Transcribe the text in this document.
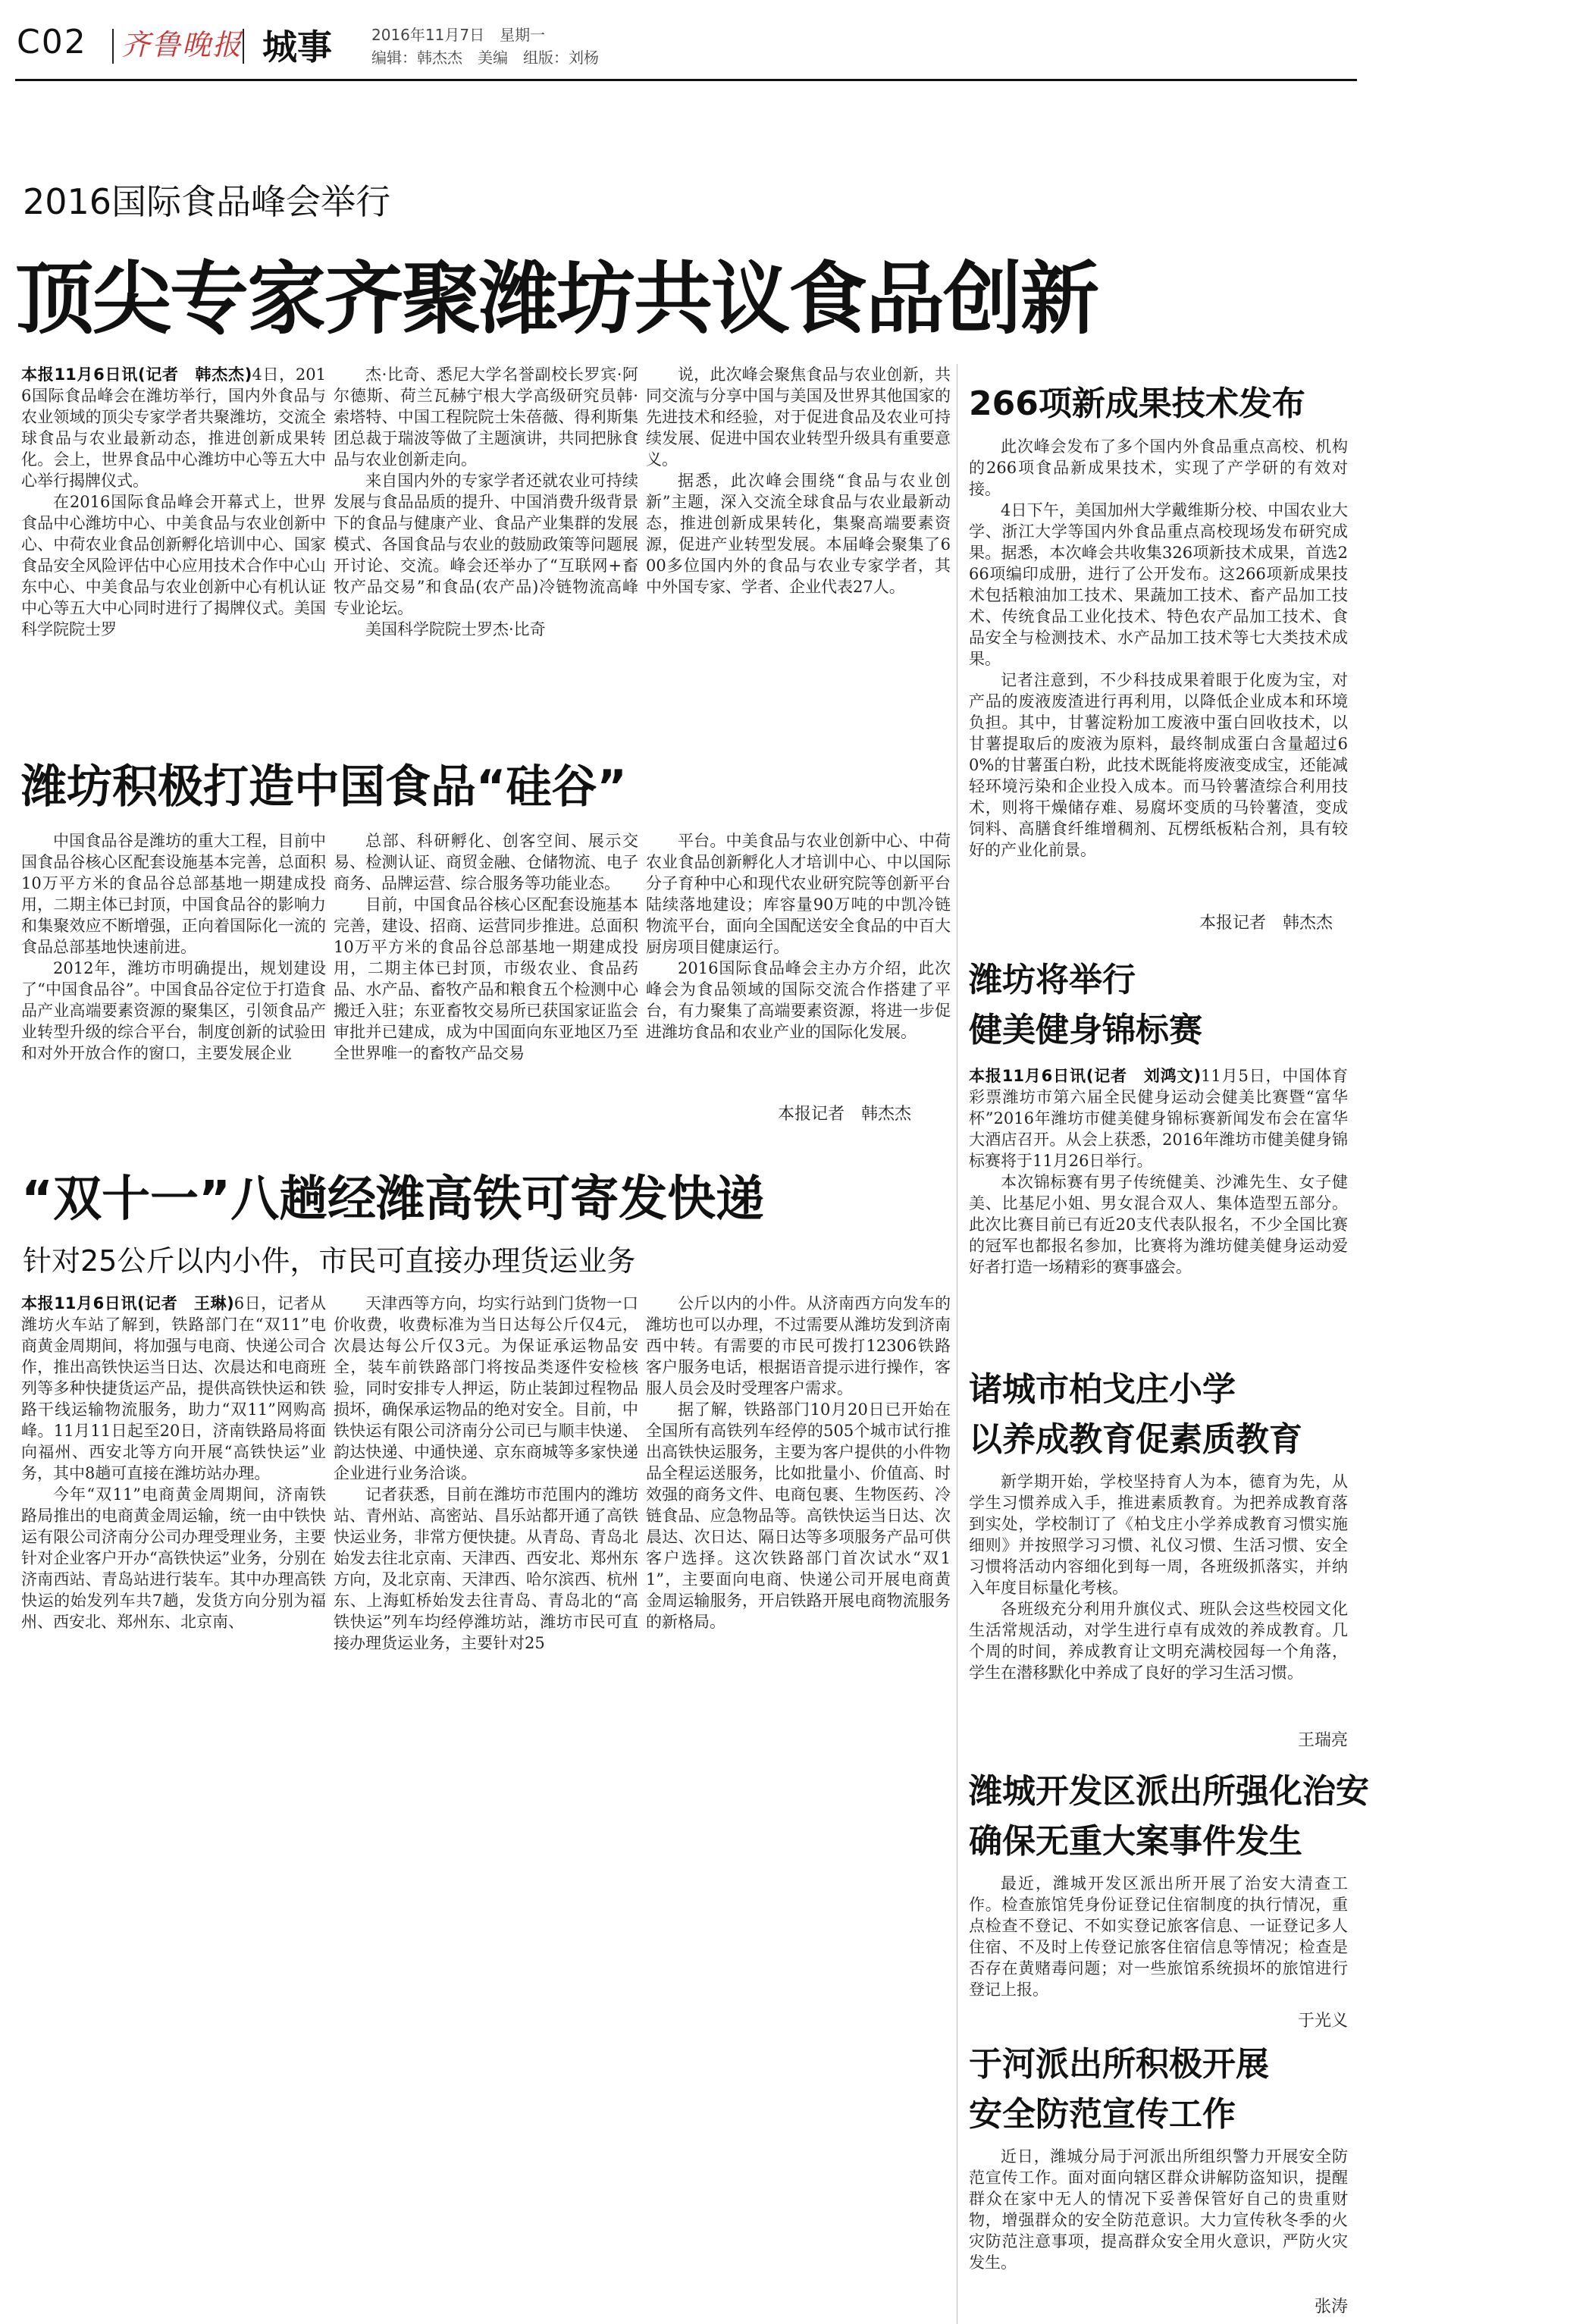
C02 齐鲁晚报 城事	2016年11月7日　星期一
编辑：韩杰杰　美编　组版：刘杨
2016国际食品峰会举行
顶尖专家齐聚潍坊共议食品创新

本报11月6日讯(记者　韩杰杰)4日，2016国际食品峰会在潍坊举行，国内外食品与农业领域的顶尖专家学者共聚潍坊，交流全球食品与农业最新动态，推进创新成果转化。会上，世界食品中心潍坊中心等五大中心举行揭牌仪式。

在2016国际食品峰会开幕式上，世界食品中心潍坊中心、中美食品与农业创新中心、中荷农业食品创新孵化培训中心、国家食品安全风险评估中心应用技术合作中心山东中心、中美食品与农业创新中心有机认证中心等五大中心同时进行了揭牌仪式。美国科学院院士罗

杰·比奇、悉尼大学名誉副校长罗宾·阿尔德斯、荷兰瓦赫宁根大学高级研究员韩·索塔特、中国工程院院士朱蓓薇、得利斯集团总裁于瑞波等做了主题演讲，共同把脉食品与农业创新走向。

来自国内外的专家学者还就农业可持续发展与食品品质的提升、中国消费升级背景下的食品与健康产业、食品产业集群的发展模式、各国食品与农业的鼓励政策等问题展开讨论、交流。峰会还举办了“互联网+畜牧产品交易”和食品(农产品)冷链物流高峰专业论坛。

美国科学院院士罗杰·比奇

说，此次峰会聚焦食品与农业创新，共同交流与分享中国与美国及世界其他国家的先进技术和经验，对于促进食品及农业可持续发展、促进中国农业转型升级具有重要意义。

据悉，此次峰会围绕“食品与农业创新”主题，深入交流全球食品与农业最新动态，推进创新成果转化，集聚高端要素资源，促进产业转型发展。本届峰会聚集了600多位国内外的食品与农业专家学者，其中外国专家、学者、企业代表27人。

潍坊积极打造中国食品“硅谷”

中国食品谷是潍坊的重大工程，目前中国食品谷核心区配套设施基本完善，总面积10万平方米的食品谷总部基地一期建成投用，二期主体已封顶，中国食品谷的影响力和集聚效应不断增强，正向着国际化一流的食品总部基地快速前进。

2012年，潍坊市明确提出，规划建设了“中国食品谷”。中国食品谷定位于打造食品产业高端要素资源的聚集区，引领食品产业转型升级的综合平台，制度创新的试验田和对外开放合作的窗口，主要发展企业

总部、科研孵化、创客空间、展示交易、检测认证、商贸金融、仓储物流、电子商务、品牌运营、综合服务等功能业态。

目前，中国食品谷核心区配套设施基本完善，建设、招商、运营同步推进。总面积10万平方米的食品谷总部基地一期建成投用，二期主体已封顶，市级农业、食品药品、水产品、畜牧产品和粮食五个检测中心搬迁入驻；东亚畜牧交易所已获国家证监会审批并已建成，成为中国面向东亚地区乃至全世界唯一的畜牧产品交易

平台。中美食品与农业创新中心、中荷农业食品创新孵化人才培训中心、中以国际分子育种中心和现代农业研究院等创新平台陆续落地建设；库容量90万吨的中凯冷链物流平台，面向全国配送安全食品的中百大厨房项目健康运行。

2016国际食品峰会主办方介绍，此次峰会为食品领域的国际交流合作搭建了平台，有力聚集了高端要素资源，将进一步促进潍坊食品和农业产业的国际化发展。

本报记者　韩杰杰
“双十一”八趟经潍高铁可寄发快递
针对25公斤以内小件，市民可直接办理货运业务

本报11月6日讯(记者　王琳)6日，记者从潍坊火车站了解到，铁路部门在“双11”电商黄金周期间，将加强与电商、快递公司合作，推出高铁快运当日达、次晨达和电商班列等多种快捷货运产品，提供高铁快运和铁路干线运输物流服务，助力“双11”网购高峰。11月11日起至20日，济南铁路局将面向福州、西安北等方向开展“高铁快运”业务，其中8趟可直接在潍坊站办理。

今年“双11”电商黄金周期间，济南铁路局推出的电商黄金周运输，统一由中铁快运有限公司济南分公司办理受理业务，主要针对企业客户开办“高铁快运”业务，分别在济南西站、青岛站进行装车。其中办理高铁快运的始发列车共7趟，发货方向分别为福州、西安北、郑州东、北京南、

天津西等方向，均实行站到门货物一口价收费，收费标准为当日达每公斤仅4元，次晨达每公斤仅3元。为保证承运物品安全，装车前铁路部门将按品类逐件安检核验，同时安排专人押运，防止装卸过程物品损坏，确保承运物品的绝对安全。目前，中铁快运有限公司济南分公司已与顺丰快递、韵达快递、中通快递、京东商城等多家快递企业进行业务洽谈。

记者获悉，目前在潍坊市范围内的潍坊站、青州站、高密站、昌乐站都开通了高铁快运业务，非常方便快捷。从青岛、青岛北始发去往北京南、天津西、西安北、郑州东方向，及北京南、天津西、哈尔滨西、杭州东、上海虹桥始发去往青岛、青岛北的“高铁快运”列车均经停潍坊站，潍坊市民可直接办理货运业务，主要针对25

公斤以内的小件。从济南西方向发车的潍坊也可以办理，不过需要从潍坊发到济南西中转。有需要的市民可拨打12306铁路客户服务电话，根据语音提示进行操作，客服人员会及时受理客户需求。

据了解，铁路部门10月20日已开始在全国所有高铁列车经停的505个城市试行推出高铁快运服务，主要为客户提供的小件物品全程运送服务，比如批量小、价值高、时效强的商务文件、电商包裹、生物医药、冷链食品、应急物品等。高铁快运当日达、次晨达、次日达、隔日达等多项服务产品可供客户选择。这次铁路部门首次试水“双11”，主要面向电商、快递公司开展电商黄金周运输服务，开启铁路开展电商物流服务的新格局。

266项新成果技术发布

此次峰会发布了多个国内外食品重点高校、机构的266项食品新成果技术，实现了产学研的有效对接。

4日下午，美国加州大学戴维斯分校、中国农业大学、浙江大学等国内外食品重点高校现场发布研究成果。据悉，本次峰会共收集326项新技术成果，首选266项编印成册，进行了公开发布。这266项新成果技术包括粮油加工技术、果蔬加工技术、畜产品加工技术、传统食品工业化技术、特色农产品加工技术、食品安全与检测技术、水产品加工技术等七大类技术成果。

记者注意到，不少科技成果着眼于化废为宝，对产品的废液废渣进行再利用，以降低企业成本和环境负担。其中，甘薯淀粉加工废液中蛋白回收技术，以甘薯提取后的废液为原料，最终制成蛋白含量超过60%的甘薯蛋白粉，此技术既能将废液变成宝，还能减轻环境污染和企业投入成本。而马铃薯渣综合利用技术，则将干燥储存难、易腐坏变质的马铃薯渣，变成饲料、高膳食纤维增稠剂、瓦楞纸板粘合剂，具有较好的产业化前景。

本报记者　韩杰杰
潍坊将举行
健美健身锦标赛

本报11月6日讯(记者　刘鸿文)11月5日，中国体育彩票潍坊市第六届全民健身运动会健美比赛暨“富华杯”2016年潍坊市健美健身锦标赛新闻发布会在富华大酒店召开。从会上获悉，2016年潍坊市健美健身锦标赛将于11月26日举行。

本次锦标赛有男子传统健美、沙滩先生、女子健美、比基尼小姐、男女混合双人、集体造型五部分。此次比赛目前已有近20支代表队报名，不少全国比赛的冠军也都报名参加，比赛将为潍坊健美健身运动爱好者打造一场精彩的赛事盛会。

诸城市柏戈庄小学
以养成教育促素质教育

新学期开始，学校坚持育人为本，德育为先，从学生习惯养成入手，推进素质教育。为把养成教育落到实处，学校制订了《柏戈庄小学养成教育习惯实施细则》并按照学习习惯、礼仪习惯、生活习惯、安全习惯将活动内容细化到每一周，各班级抓落实，并纳入年度目标量化考核。

各班级充分利用升旗仪式、班队会这些校园文化生活常规活动，对学生进行卓有成效的养成教育。几个周的时间，养成教育让文明充满校园每一个角落，学生在潜移默化中养成了良好的学习生活习惯。

王瑞亮
潍城开发区派出所强化治安
确保无重大案事件发生

最近，潍城开发区派出所开展了治安大清查工作。检查旅馆凭身份证登记住宿制度的执行情况，重点检查不登记、不如实登记旅客信息、一证登记多人住宿、不及时上传登记旅客住宿信息等情况；检查是否存在黄赌毒问题；对一些旅馆系统损坏的旅馆进行登记上报。

于光义
于河派出所积极开展
安全防范宣传工作

近日，潍城分局于河派出所组织警力开展安全防范宣传工作。面对面向辖区群众讲解防盗知识，提醒群众在家中无人的情况下妥善保管好自己的贵重财物，增强群众的安全防范意识。大力宣传秋冬季的火灾防范注意事项，提高群众安全用火意识，严防火灾发生。

张涛
